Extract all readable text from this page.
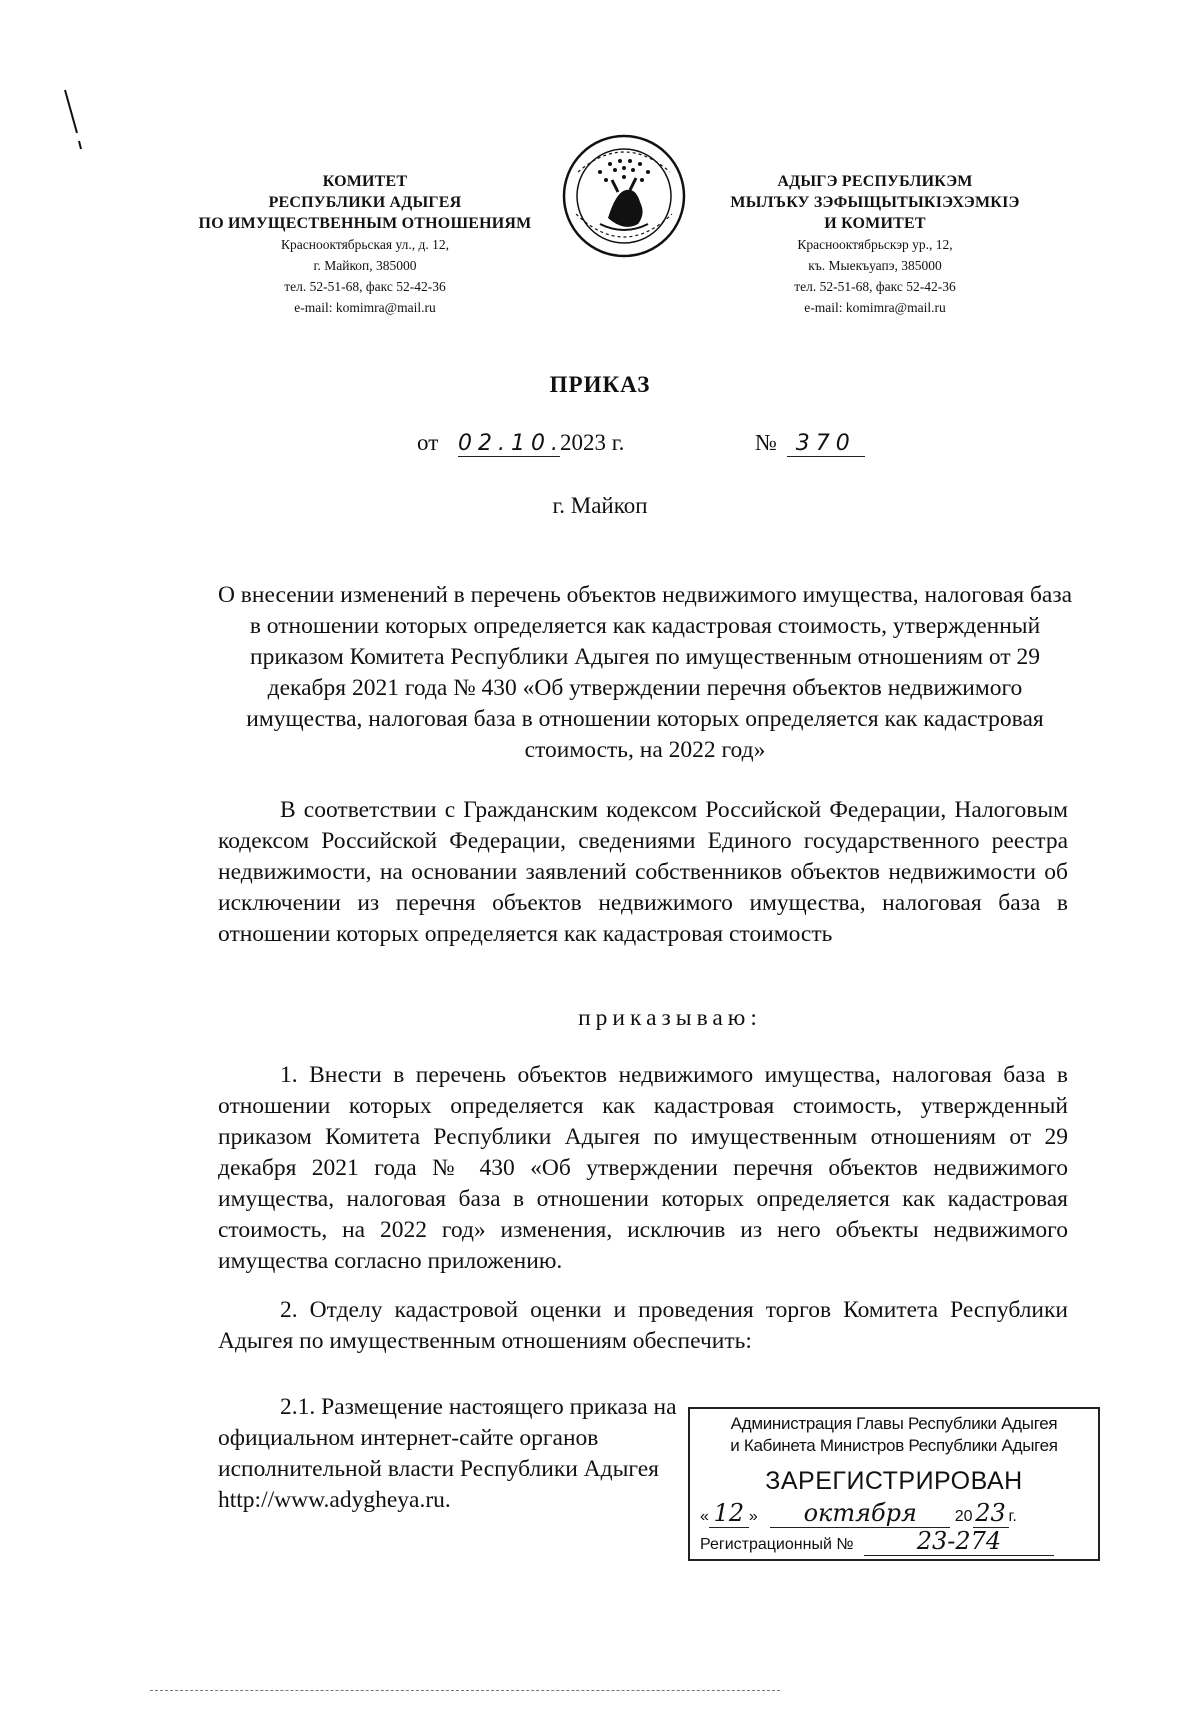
КОМИТЕТ
РЕСПУБЛИКИ АДЫГЕЯ
ПО ИМУЩЕСТВЕННЫМ ОТНОШЕНИЯМ
Краснооктябрьская ул., д. 12,
г. Майкоп, 385000
тел. 52-51-68, факс 52-42-36
e-mail: komimra@mail.ru
АДЫГЭ РЕСПУБЛИКЭМ
МЫЛЪКУ ЗЭФЫЩЫТЫКIЭХЭМКIЭ
И КОМИТЕТ
Краснооктябрьскэр ур., 12,
къ. Мыекъуапэ, 385000
тел. 52-51-68, факс 52-42-36
e-mail: komimra@mail.ru
ПРИКАЗ
от 02.10.2023 г.	№ 370
г. Майкоп
О внесении изменений в перечень объектов недвижимого имущества, налоговая база в отношении которых определяется как кадастровая стоимость, утвержденный приказом Комитета Республики Адыгея по имущественным отношениям от 29 декабря 2021 года № 430 «Об утверждении перечня объектов недвижимого имущества, налоговая база в отношении которых определяется как кадастровая стоимость, на 2022 год»
В соответствии с Гражданским кодексом Российской Федерации, Налоговым кодексом Российской Федерации, сведениями Единого государственного реестра недвижимости, на основании заявлений собственников объектов недвижимости об исключении из перечня объектов недвижимого имущества, налоговая база в отношении которых определяется как кадастровая стоимость
приказываю:
1. Внести в перечень объектов недвижимого имущества, налоговая база в отношении которых определяется как кадастровая стоимость, утвержденный приказом Комитета Республики Адыгея по имущественным отношениям от 29 декабря 2021 года № 430 «Об утверждении перечня объектов недвижимого имущества, налоговая база в отношении которых определяется как кадастровая стоимость, на 2022 год» изменения, исключив из него объекты недвижимого имущества согласно приложению.
2. Отделу кадастровой оценки и проведения торгов Комитета Республики Адыгея по имущественным отношениям обеспечить:
2.1. Размещение настоящего приказа на официальном интернет-сайте органов исполнительной власти Республики Адыгея http://www.adygheya.ru.
Администрация Главы Республики Адыгея
и Кабинета Министров Республики Адыгея
ЗАРЕГИСТРИРОВАН
« 12 » октября 20 23 г.
Регистрационный №	23-274
